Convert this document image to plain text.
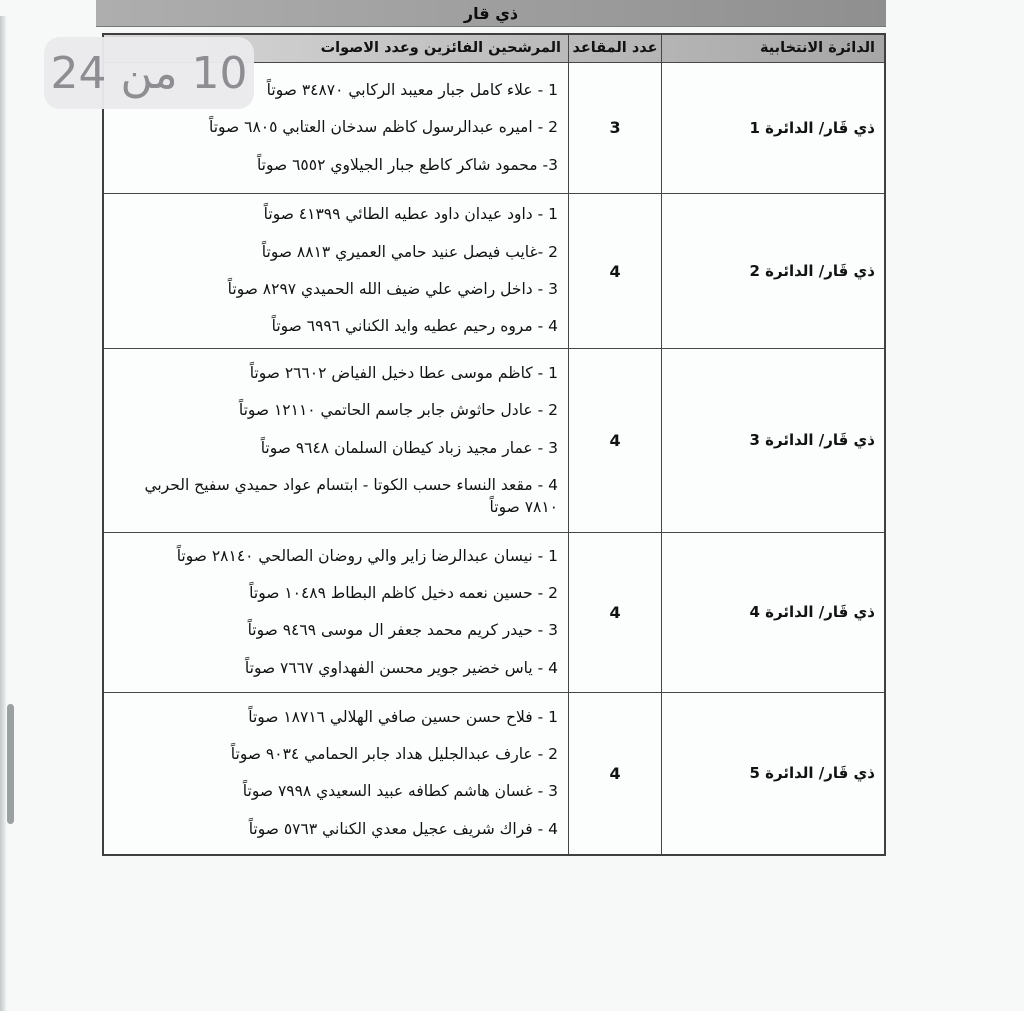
ذي قار
الدائرة الانتخابية
عدد المقاعد
المرشحين الفائزين وعدد الاصوات
ذي قَار/ الدائرة 1
3
1 - علاء كامل جبار معيبد الركابي ٣٤٨٧٠ صوتاً
2 - اميره عبدالرسول كاظم سدخان العتابي ٦٨٠٥ صوتاً
3- محمود شاكر كاطع جبار الجيلاوي ٦٥٥٢ صوتاً
ذي قَار/ الدائرة 2
4
1 - داود عيدان داود عطيه الطائي ٤١٣٩٩ صوتاً
2 -غايب فيصل عنيد حامي العميري ٨٨١٣ صوتاً
3 - داخل راضي علي ضيف الله الحميدي ٨٢٩٧ صوتاً
4 - مروه رحيم عطيه وايد الكناني ٦٩٩٦ صوتاً
ذي قَار/ الدائرة 3
4
1 - كاظم موسى عطا دخيل الفياض ٢٦٦٠٢ صوتاً
2 - عادل حاثوش جابر جاسم الحاتمي ١٢١١٠ صوتاً
3 - عمار مجيد زباد كيطان السلمان ٩٦٤٨ صوتاً
4 - مقعد النساء حسب الكوتا - ابتسام عواد حميدي سفيح الحربي ٧٨١٠ صوتاً
ذي قَار/ الدائرة 4
4
1 - نيسان عبدالرضا زاير والي روضان الصالحي ٢٨١٤٠ صوتاً
2 - حسين نعمه دخيل كاظم البطاط ١٠٤٨٩ صوتاً
3 - حيدر كريم محمد جعفر ال موسى ٩٤٦٩ صوتاً
4 - ياس خضير جوير محسن الفهداوي ٧٦٦٧ صوتاً
ذي قَار/ الدائرة 5
4
1 - فلاح حسن حسين صافي الهلالي ١٨٧١٦ صوتاً
2 - عارف عبدالجليل هداد جابر الحمامي ٩٠٣٤ صوتاً
3 - غسان هاشم كطافه عبيد السعيدي ٧٩٩٨ صوتاً
4 - فراك شريف عجيل معدي الكناني ٥٧٦٣ صوتاً
10 من 24
